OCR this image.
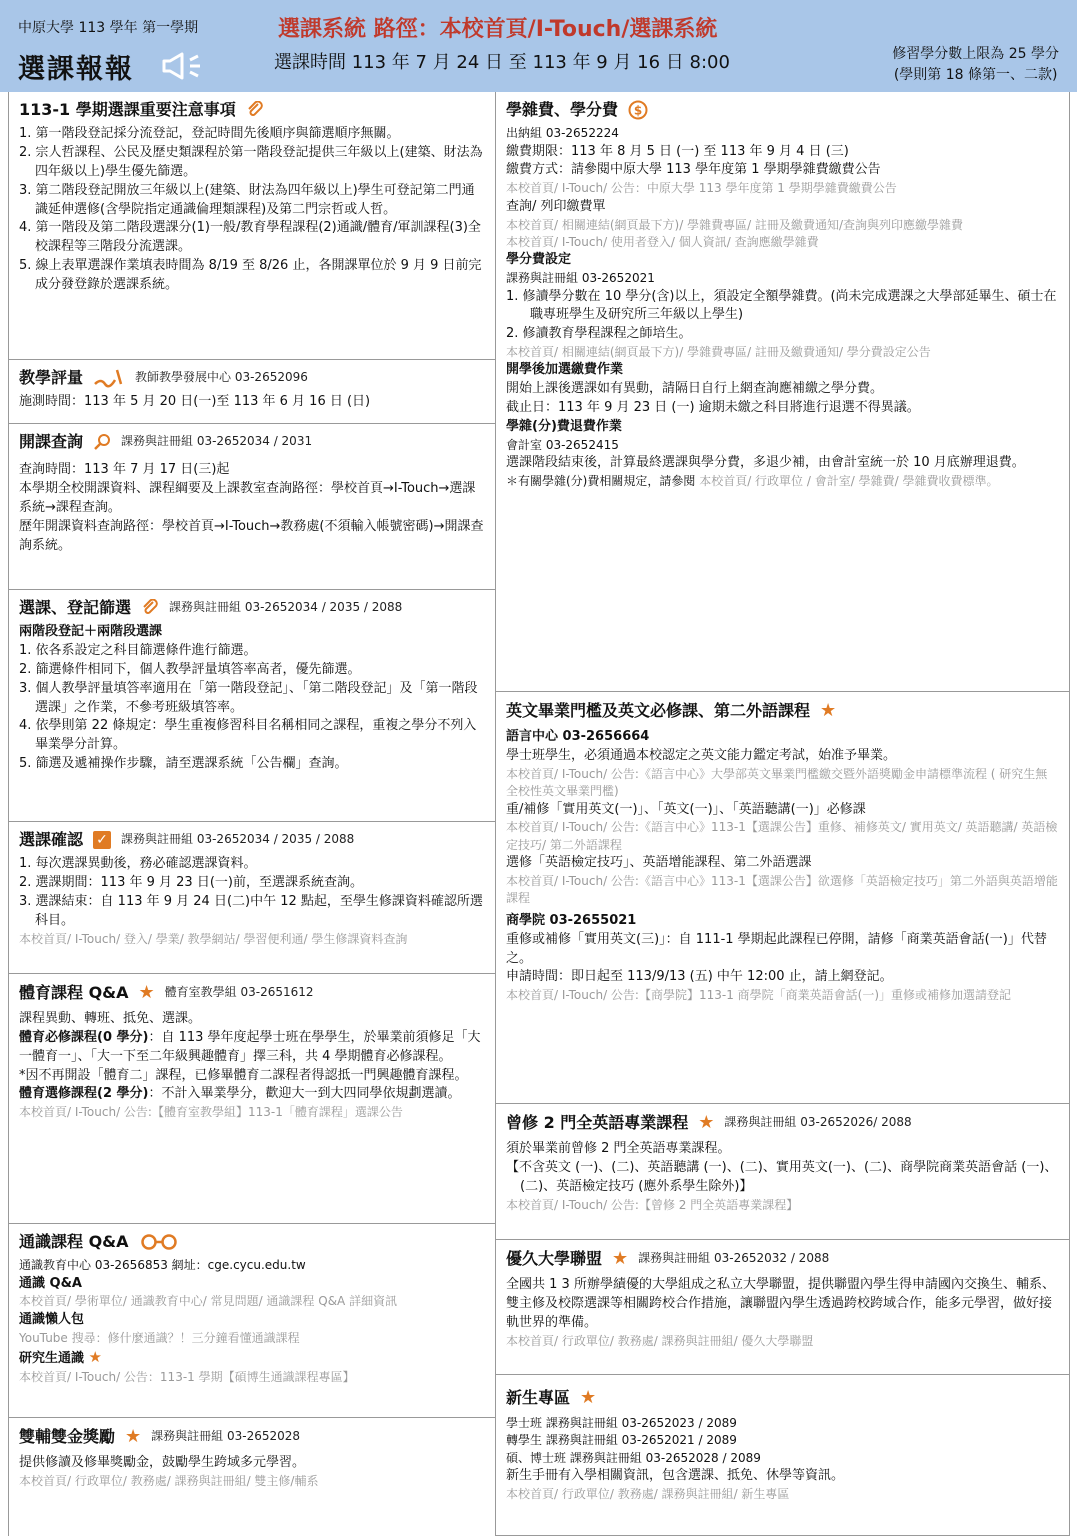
中原大學 113 學年 第一學期
選課報報
選課系統 路徑：本校首頁/I-Touch/選課系統
選課時間 113 年 7 月 24 日 至 113 年 9 月 16 日 8:00	修習學分數上限為 25 學分
(學則第 18 條第一、二款)
113-1 學期選課重要注意事項
1. 第一階段登記採分流登記，登記時間先後順序與篩選順序無關。
2. 宗人哲課程、公民及歷史類課程於第一階段登記提供三年級以上(建築、財法為四年級以上)學生優先篩選。
3. 第二階段登記開放三年級以上(建築、財法為四年級以上)學生可登記第二門通識延伸選修(含學院指定通識倫理類課程)及第二門宗哲或人哲。
4. 第一階段及第二階段選課分(1)一般/教育學程課程(2)通識/體育/軍訓課程(3)全校課程等三階段分流選課。
5. 線上表單選課作業填表時間為 8/19 至 8/26 止，各開課單位於 9 月 9 日前完成分發登錄於選課系統。
教學評量	教師教學發展中心 03-2652096
施測時間：113 年 5 月 20 日(一)至 113 年 6 月 16 日 (日)
開課查詢	課務與註冊組 03-2652034 / 2031
查詢時間：113 年 7 月 17 日(三)起
本學期全校開課資料、課程綱要及上課教室查詢路徑：學校首頁→I-Touch→選課系統→課程查詢。
歷年開課資料查詢路徑：學校首頁→I-Touch→教務處(不須輸入帳號密碼)→開課查詢系統。
選課、登記篩選	課務與註冊組 03-2652034 / 2035 / 2088
兩階段登記＋兩階段選課
1. 依各系設定之科目篩選條件進行篩選。
2. 篩選條件相同下，個人教學評量填答率高者，優先篩選。
3. 個人教學評量填答率適用在「第一階段登記」、「第二階段登記」及「第一階段選課」之作業，不參考班級填答率。
4. 依學則第 22 條規定：學生重複修習科目名稱相同之課程，重複之學分不列入畢業學分計算。
5. 篩選及遞補操作步驟，請至選課系統「公告欄」查詢。
選課確認 ✓ 課務與註冊組 03-2652034 / 2035 / 2088
1. 每次選課異動後，務必確認選課資料。
2. 選課期間：113 年 9 月 23 日(一)前，至選課系統查詢。
3. 選課結束：自 113 年 9 月 24 日(二)中午 12 點起，至學生修課資料確認所選科目。
本校首頁/ I-Touch/ 登入/ 學業/ 教學網站/ 學習便利通/ 學生修課資料查詢
體育課程 Q&A ★ 體育室教學組 03-2651612
課程異動、轉班、抵免、選課。
體育必修課程(0 學分)：自 113 學年度起學士班在學學生，於畢業前須修足「大一體育一」、「大一下至二年級興趣體育」擇三科，共 4 學期體育必修課程。
*因不再開設「體育二」課程，已修畢體育二課程者得認抵一門興趣體育課程。
體育選修課程(2 學分)：不計入畢業學分，歡迎大一到大四同學依規劃選讀。
本校首頁/ I-Touch/ 公告:【體育室教學組】113-1「體育課程」選課公告
通識課程 Q&A
通識教育中心 03-2656853 網址：cge.cycu.edu.tw
通識 Q&A
本校首頁/ 學術單位/ 通識教育中心/ 常見問題/ 通識課程 Q&A 詳細資訊
通識懶人包
YouTube 搜尋：修什麼通識？！三分鐘看懂通識課程
研究生通識 ★
本校首頁/ I-Touch/ 公告：113-1 學期【碩博生通識課程專區】
雙輔雙金獎勵 ★ 課務與註冊組 03-2652028
提供修讀及修畢獎勵金，鼓勵學生跨域多元學習。
本校首頁/ 行政單位/ 教務處/ 課務與註冊組/ 雙主修/輔系
學雜費、學分費 $
出納組 03-2652224
繳費期限：113 年 8 月 5 日 (一) 至 113 年 9 月 4 日 (三)
繳費方式：請參閱中原大學 113 學年度第 1 學期學雜費繳費公告
本校首頁/ I-Touch/ 公告：中原大學 113 學年度第 1 學期學雜費繳費公告
查詢/ 列印繳費單
本校首頁/ 相關連結(網頁最下方)/ 學雜費專區/ 註冊及繳費通知/查詢與列印應繳學雜費
本校首頁/ I-Touch/ 使用者登入/ 個人資訊/ 查詢應繳學雜費
學分費設定
課務與註冊組 03-2652021
1. 修讀學分數在 10 學分(含)以上，須設定全額學雜費。(尚未完成選課之大學部延畢生、碩士在職專班學生及研究所三年級以上學生)
2. 修讀教育學程課程之師培生。
本校首頁/ 相關連結(網頁最下方)/ 學雜費專區/ 註冊及繳費通知/ 學分費設定公告
開學後加選繳費作業
開始上課後選課如有異動，請隔日自行上網查詢應補繳之學分費。
截止日：113 年 9 月 23 日 (一) 逾期未繳之科目將進行退選不得異議。
學雜(分)費退費作業
會計室 03-2652415
選課階段結束後，計算最終選課與學分費，多退少補，由會計室統一於 10 月底辦理退費。
＊有關學雜(分)費相關規定，請參閱 本校首頁/ 行政單位 / 會計室/ 學雜費/ 學雜費收費標準。
英文畢業門檻及英文必修課、第二外語課程 ★
語言中心 03-2656664
學士班學生，必須通過本校認定之英文能力鑑定考試，始准予畢業。
本校首頁/ I-Touch/ 公告:《語言中心》大學部英文畢業門檻繳交暨外語獎勵金申請標準流程 ( 研究生無全校性英文畢業門檻)
重/補修「實用英文(一)」、「英文(一)」、「英語聽講(一)」必修課
本校首頁/ I-Touch/ 公告:《語言中心》113-1【選課公告】重修、補修英文/ 實用英文/ 英語聽講/ 英語檢定技巧/ 第二外語課程
選修「英語檢定技巧」、英語增能課程、第二外語選課
本校首頁/ I-Touch/ 公告:《語言中心》113-1【選課公告】欲選修「英語檢定技巧」第二外語與英語增能課程
商學院 03-2655021
重修或補修「實用英文(三)」：自 111-1 學期起此課程已停開，請修「商業英語會話(一)」代替之。
申請時間：即日起至 113/9/13 (五) 中午 12:00 止，請上網登記。
本校首頁/ I-Touch/ 公告:【商學院】113-1 商學院「商業英語會話(一)」重修或補修加選請登記
曾修 2 門全英語專業課程 ★ 課務與註冊組 03-2652026/ 2088
須於畢業前曾修 2 門全英語專業課程。
【不含英文 (一)、(二)、英語聽講 (一)、(二)、實用英文(一)、(二)、商學院商業英語會話 (一)、(二)、英語檢定技巧 (應外系學生除外)】
本校首頁/ I-Touch/ 公告:【曾修 2 門全英語專業課程】
優久大學聯盟 ★ 課務與註冊組 03-2652032 / 2088
全國共 1 3 所辦學績優的大學組成之私立大學聯盟，提供聯盟內學生得申請國內交換生、輔系、雙主修及校際選課等相關跨校合作措施，讓聯盟內學生透過跨校跨域合作，能多元學習，做好接軌世界的準備。
本校首頁/ 行政單位/ 教務處/ 課務與註冊組/ 優久大學聯盟
新生專區 ★
學士班 課務與註冊組 03-2652023 / 2089
轉學生 課務與註冊組 03-2652021 / 2089
碩、博士班 課務與註冊組 03-2652028 / 2089
新生手冊有入學相關資訊，包含選課、抵免、休學等資訊。
本校首頁/ 行政單位/ 教務處/ 課務與註冊組/ 新生專區
